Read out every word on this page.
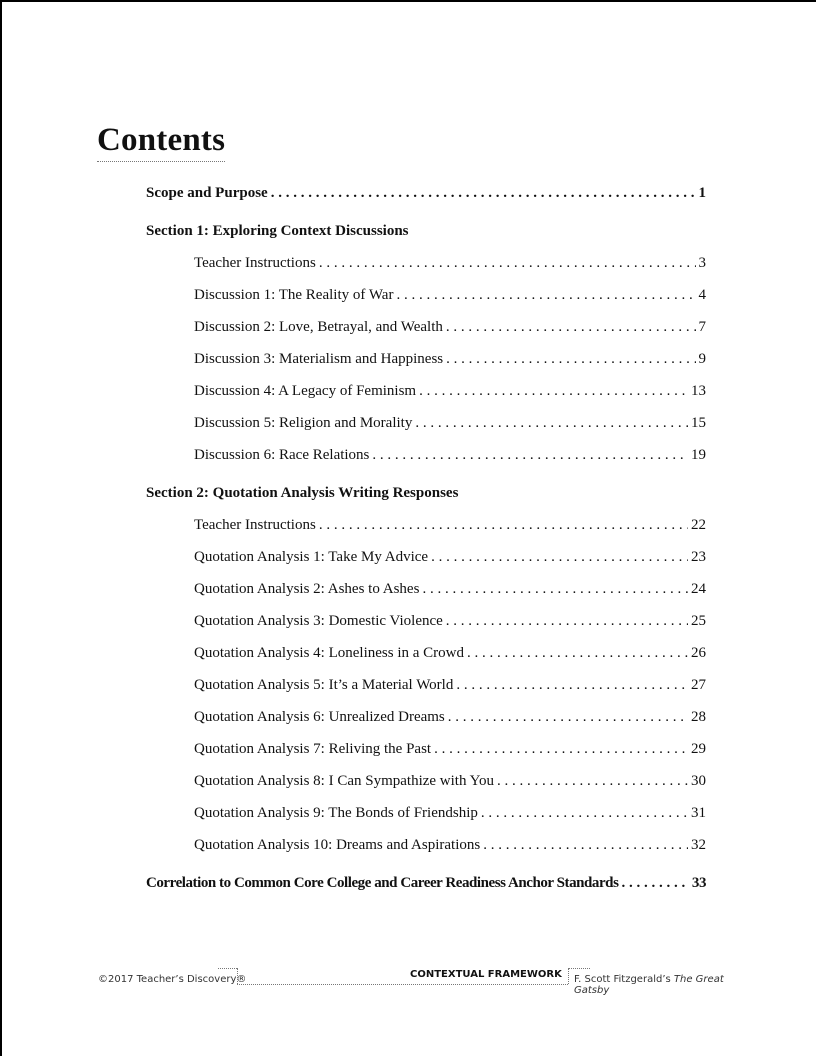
Contents
Scope and Purpose . . .	1
Section 1: Exploring Context Discussions
Teacher Instructions . . .	3
Discussion 1: The Reality of War . . .	4
Discussion 2: Love, Betrayal, and Wealth . . .	7
Discussion 3: Materialism and Happiness . . .	9
Discussion 4: A Legacy of Feminism . . .	13
Discussion 5: Religion and Morality . . .	15
Discussion 6: Race Relations . . .	19
Section 2: Quotation Analysis Writing Responses
Teacher Instructions . . .	22
Quotation Analysis 1: Take My Advice . . .	23
Quotation Analysis 2: Ashes to Ashes . . .	24
Quotation Analysis 3: Domestic Violence . . .	25
Quotation Analysis 4: Loneliness in a Crowd . . .	26
Quotation Analysis 5: It’s a Material World . . .	27
Quotation Analysis 6: Unrealized Dreams . . .	28
Quotation Analysis 7: Reliving the Past . . .	29
Quotation Analysis 8: I Can Sympathize with You . . .	30
Quotation Analysis 9: The Bonds of Friendship . . .	31
Quotation Analysis 10: Dreams and Aspirations . . .	32
Correlation to Common Core College and Career Readiness Anchor Standards . . .	33
©2017 Teacher’s Discovery®	CONTEXTUAL FRAMEWORK F. Scott Fitzgerald’s The Great Gatsby
